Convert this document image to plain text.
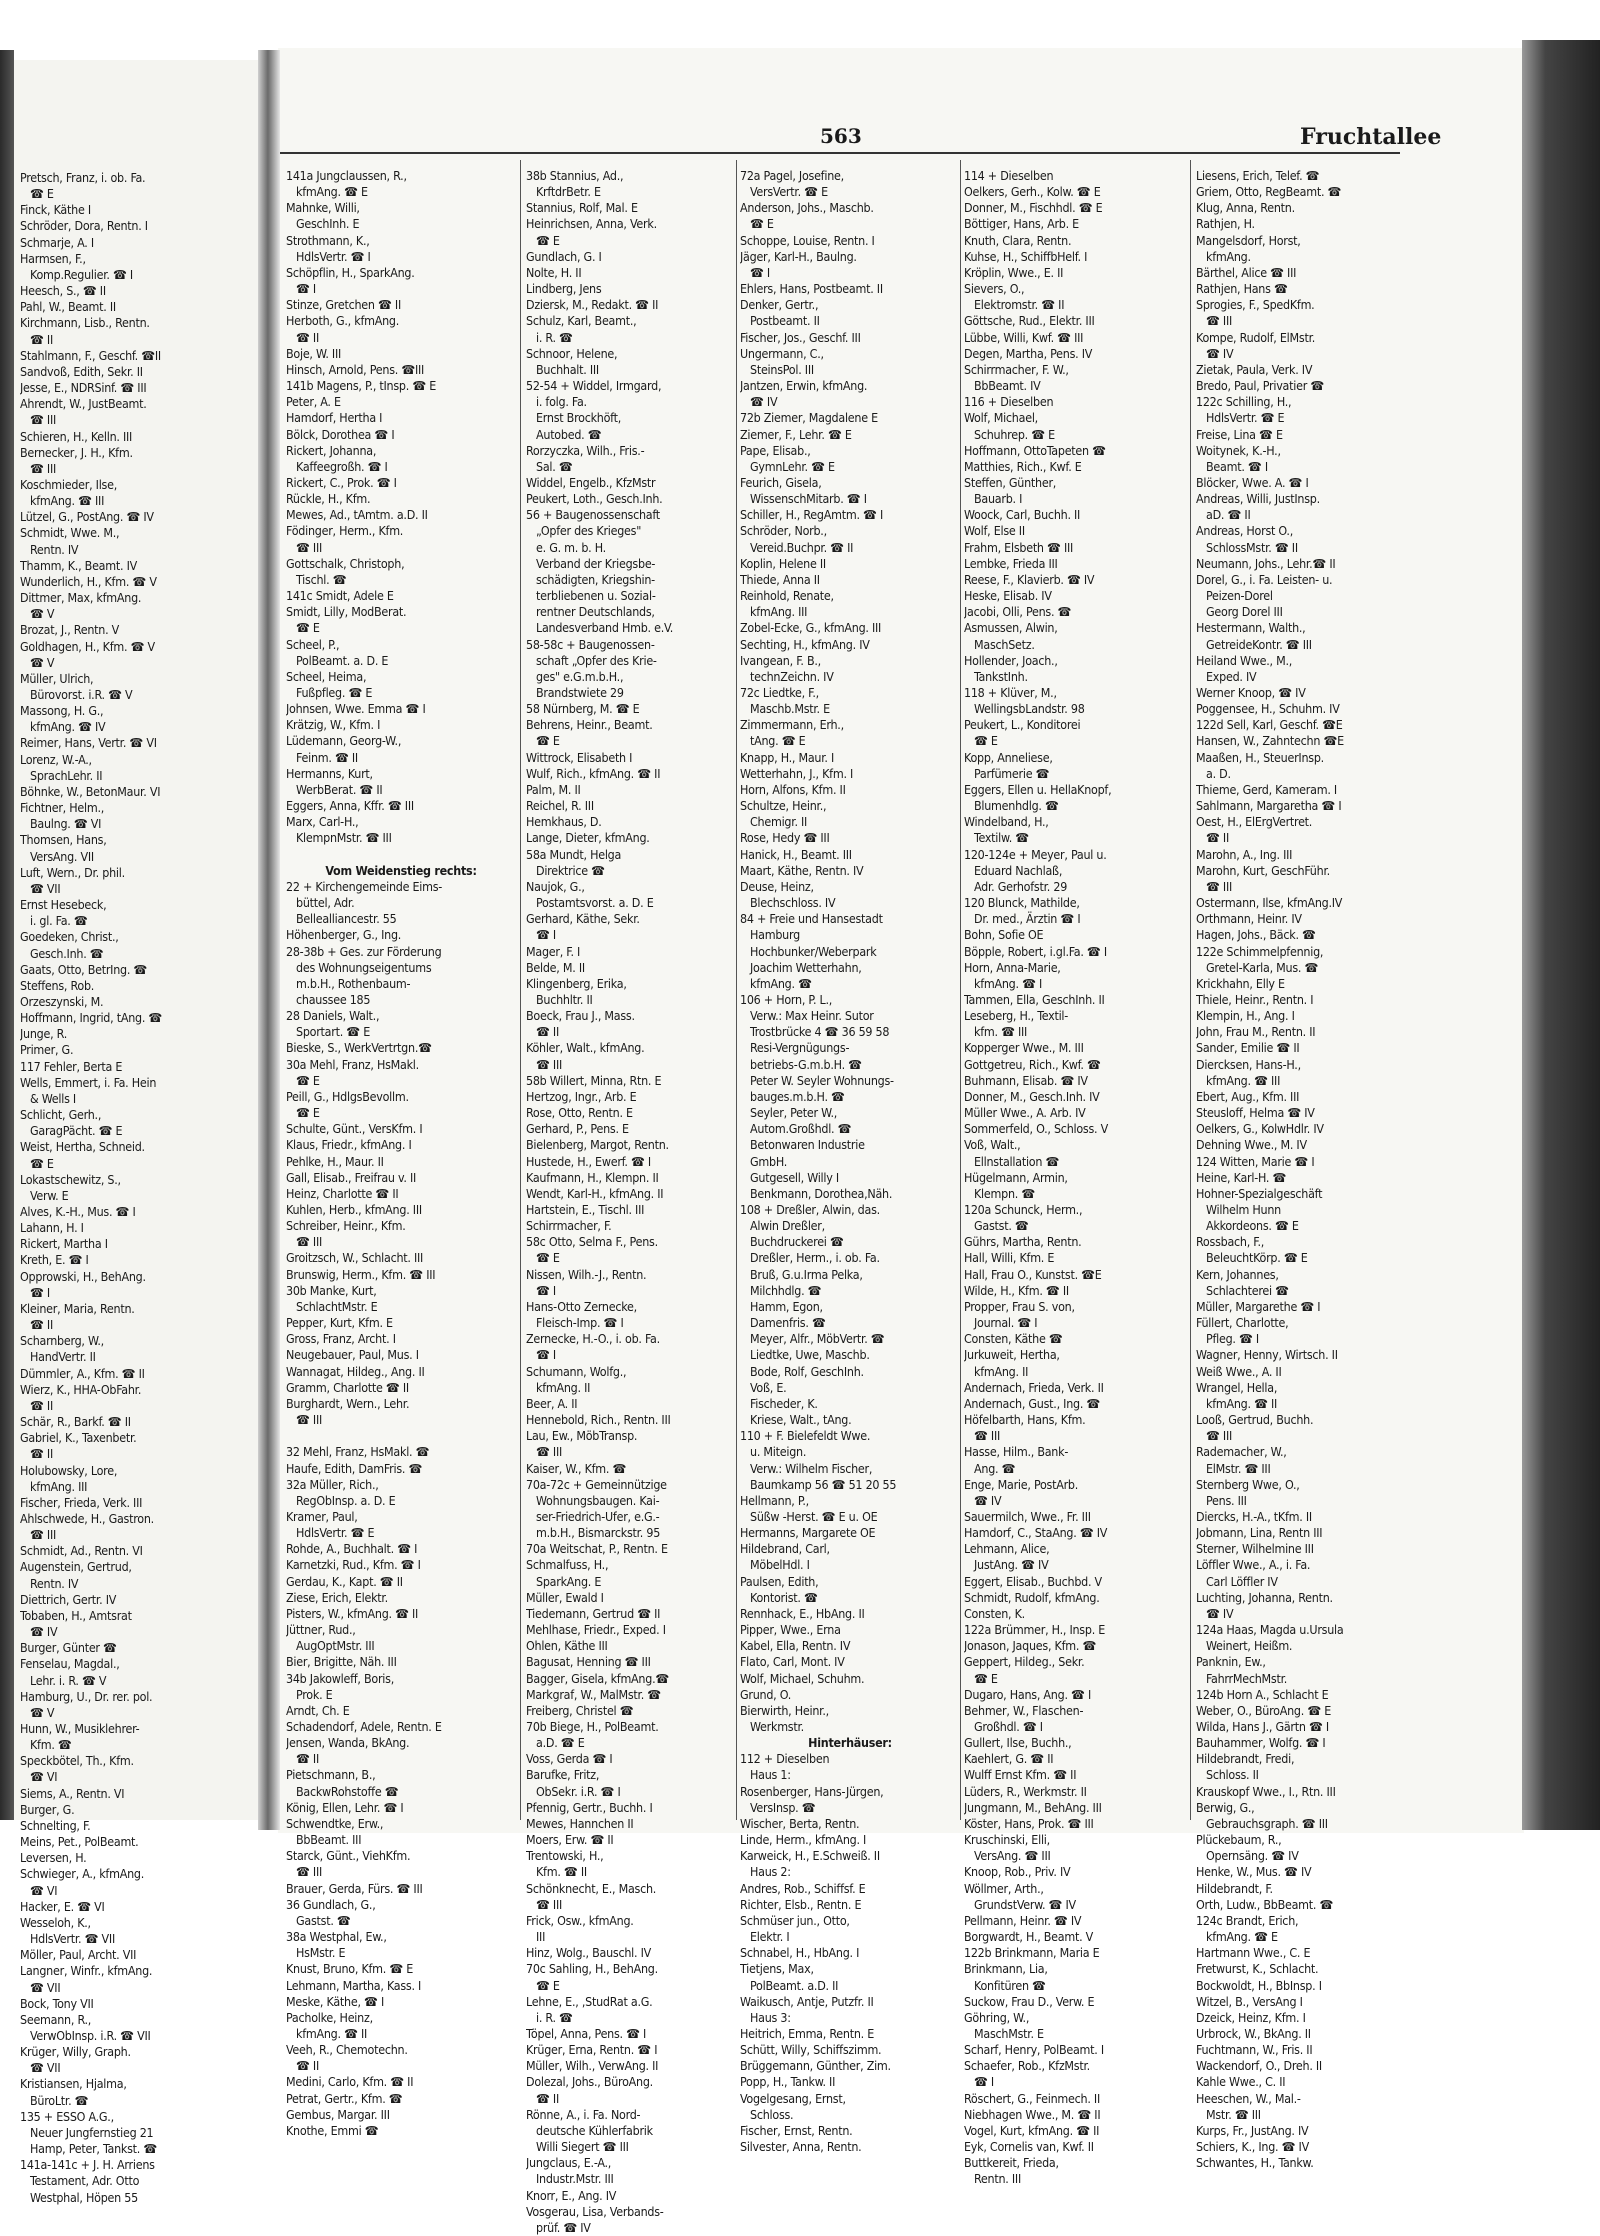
563	Fruchtallee
Pretsch, Franz, i. ob. Fa.
☎ E
Finck, Käthe I
Schröder, Dora, Rentn. I
Schmarje, A. I
Harmsen, F.,
Komp.Regulier. ☎ I
Heesch, S., ☎ II
Pahl, W., Beamt. II
Kirchmann, Lisb., Rentn.
☎ II
Stahlmann, F., Geschf. ☎II
Sandvoß, Edith, Sekr. II
Jesse, E., NDRSinf. ☎ III
Ahrendt, W., JustBeamt.
☎ III
Schieren, H., Kelln. III
Bernecker, J. H., Kfm.
☎ III
Koschmieder, Ilse,
kfmAng. ☎ III
Lützel, G., PostAng. ☎ IV
Schmidt, Wwe. M.,
Rentn. IV
Thamm, K., Beamt. IV
Wunderlich, H., Kfm. ☎ V
Dittmer, Max, kfmAng.
☎ V
Brozat, J., Rentn. V
Goldhagen, H., Kfm. ☎ V
☎ V
Müller, Ulrich,
Bürovorst. i.R. ☎ V
Massong, H. G.,
kfmAng. ☎ IV
Reimer, Hans, Vertr. ☎ VI
Lorenz, W.-A.,
SprachLehr. II
Böhnke, W., BetonMaur. VI
Fichtner, Helm.,
Baulng. ☎ VI
Thomsen, Hans,
VersAng. VII
Luft, Wern., Dr. phil.
☎ VII
Ernst Hesebeck,
i. gl. Fa. ☎
Goedeken, Christ.,
Gesch.Inh. ☎
Gaats, Otto, BetrIng. ☎
Steffens, Rob.
Orzeszynski, M.
Hoffmann, Ingrid, tAng. ☎
Junge, R.
Primer, G.
117 Fehler, Berta E
Wells, Emmert, i. Fa. Hein
& Wells I
Schlicht, Gerh.,
GaragPächt. ☎ E
Weist, Hertha, Schneid.
☎ E
Lokastschewitz, S.,
Verw. E
Alves, K.-H., Mus. ☎ I
Lahann, H. I
Rickert, Martha I
Kreth, E. ☎ I
Opprowski, H., BehAng.
☎ I
Kleiner, Maria, Rentn.
☎ II
Scharnberg, W.,
HandVertr. II
Dümmler, A., Kfm. ☎ II
Wierz, K., HHA-ObFahr.
☎ II
Schär, R., Barkf. ☎ II
Gabriel, K., Taxenbetr.
☎ II
Holubowsky, Lore,
kfmAng. III
Fischer, Frieda, Verk. III
Ahlschwede, H., Gastron.
☎ III
Schmidt, Ad., Rentn. VI
Augenstein, Gertrud,
Rentn. IV
Diettrich, Gertr. IV
Tobaben, H., Amtsrat
☎ IV
Burger, Günter ☎
Fenselau, Magdal.,
Lehr. i. R. ☎ V
Hamburg, U., Dr. rer. pol.
☎ V
Hunn, W., Musiklehrer-
Kfm. ☎
Speckbötel, Th., Kfm.
☎ VI
Siems, A., Rentn. VI
Burger, G.
Schnelting, F.
Meins, Pet., PolBeamt.
Leversen, H.
Schwieger, A., kfmAng.
☎ VI
Hacker, E. ☎ VI
Wesseloh, K.,
HdlsVertr. ☎ VII
Möller, Paul, Archt. VII
Langner, Winfr., kfmAng.
☎ VII
Bock, Tony VII
Seemann, R.,
VerwObInsp. i.R. ☎ VII
Krüger, Willy, Graph.
☎ VII
Kristiansen, Hjalma,
BüroLtr. ☎
135 + ESSO A.G.,
Neuer Jungfernstieg 21
Hamp, Peter, Tankst. ☎
141a-141c + J. H. Arriens
Testament, Adr. Otto
Westphal, Höpen 55
141a Jungclaussen, R.,
kfmAng. ☎ E
Mahnke, Willi,
GeschInh. E
Strothmann, K.,
HdlsVertr. ☎ I
Schöpflin, H., SparkAng.
☎ I
Stinze, Gretchen ☎ II
Herboth, G., kfmAng.
☎ II
Boje, W. III
Hinsch, Arnold, Pens. ☎III
141b Magens, P., tInsp. ☎ E
Peter, A. E
Hamdorf, Hertha I
Bölck, Dorothea ☎ I
Rickert, Johanna,
Kaffeegroßh. ☎ I
Rickert, C., Prok. ☎ I
Rückle, H., Kfm.
Mewes, Ad., tAmtm. a.D. II
Födinger, Herm., Kfm.
☎ III
Gottschalk, Christoph,
Tischl. ☎
141c Smidt, Adele E
Smidt, Lilly, ModBerat.
☎ E
Scheel, P.,
PolBeamt. a. D. E
Scheel, Heima,
Fußpfleg. ☎ E
Johnsen, Wwe. Emma ☎ I
Krätzig, W., Kfm. I
Lüdemann, Georg-W.,
Feinm. ☎ II
Hermanns, Kurt,
WerbBerat. ☎ II
Eggers, Anna, Kffr. ☎ III
Marx, Carl-H.,
KlempnMstr. ☎ III

Vom Weidenstieg rechts:
22 + Kirchengemeinde Eims-
büttel, Adr.
Bellealliancestr. 55
Höhenberger, G., Ing.
28-38b + Ges. zur Förderung
des Wohnungseigentums
m.b.H., Rothenbaum-
chaussee 185
28 Daniels, Walt.,
Sportart. ☎ E
Bieske, S., WerkVertrtgn.☎
30a Mehl, Franz, HsMakl.
☎ E
Peill, G., HdlgsBevollm.
☎ E
Schulte, Günt., VersKfm. I
Klaus, Friedr., kfmAng. I
Pehlke, H., Maur. II
Gall, Elisab., Freifrau v. II
Heinz, Charlotte ☎ II
Kuhlen, Herb., kfmAng. III
Schreiber, Heinr., Kfm.
☎ III
Groitzsch, W., Schlacht. III
Brunswig, Herm., Kfm. ☎ III
30b Manke, Kurt,
SchlachtMstr. E
Pepper, Kurt, Kfm. E
Gross, Franz, Archt. I
Neugebauer, Paul, Mus. I
Wannagat, Hildeg., Ang. II
Gramm, Charlotte ☎ II
Burghardt, Wern., Lehr.
☎ III

32 Mehl, Franz, HsMakl. ☎
Haufe, Edith, DamFris. ☎
32a Müller, Rich.,
RegObInsp. a. D. E
Kramer, Paul,
HdlsVertr. ☎ E
Rohde, A., Buchhalt. ☎ I
Karnetzki, Rud., Kfm. ☎ I
Gerdau, K., Kapt. ☎ II
Ziese, Erich, Elektr.
Pisters, W., kfmAng. ☎ II
Jüttner, Rud.,
AugOptMstr. III
Bier, Brigitte, Näh. III
34b Jakowleff, Boris,
Prok. E
Arndt, Ch. E
Schadendorf, Adele, Rentn. E
Jensen, Wanda, BkAng.
☎ II
Pietschmann, B.,
BackwRohstoffe ☎
König, Ellen, Lehr. ☎ I
Schwendtke, Erw.,
BbBeamt. III
Starck, Günt., ViehKfm.
☎ III
Brauer, Gerda, Fürs. ☎ III
36 Gundlach, G.,
Gastst. ☎
38a Westphal, Ew.,
HsMstr. E
Knust, Bruno, Kfm. ☎ E
Lehmann, Martha, Kass. I
Meske, Käthe, ☎ I
Pacholke, Heinz,
kfmAng. ☎ II
Veeh, R., Chemotechn.
☎ II
Medini, Carlo, Kfm. ☎ II
Petrat, Gertr., Kfm. ☎
Gembus, Margar. III
Knothe, Emmi ☎
38b Stannius, Ad.,
KrftdrBetr. E
Stannius, Rolf, Mal. E
Heinrichsen, Anna, Verk.
☎ E
Gundlach, G. I
Nolte, H. II
Lindberg, Jens
Dziersk, M., Redakt. ☎ II
Schulz, Karl, Beamt.,
i. R. ☎
Schnoor, Helene,
Buchhalt. III
52-54 + Widdel, Irmgard,
i. folg. Fa.
Ernst Brockhöft,
Autobed. ☎
Rorzyczka, Wilh., Fris.-
Sal. ☎
Widdel, Engelb., KfzMstr
Peukert, Loth., Gesch.Inh.
56 + Baugenossenschaft
„Opfer des Krieges"
e. G. m. b. H.
Verband der Kriegsbe-
schädigten, Kriegshin-
terbliebenen u. Sozial-
rentner Deutschlands,
Landesverband Hmb. e.V.
58-58c + Baugenossen-
schaft „Opfer des Krie-
ges" e.G.m.b.H.,
Brandstwiete 29
58 Nürnberg, M. ☎ E
Behrens, Heinr., Beamt.
☎ E
Wittrock, Elisabeth I
Wulf, Rich., kfmAng. ☎ II
Palm, M. II
Reichel, R. III
Hemkhaus, D.
Lange, Dieter, kfmAng.
58a Mundt, Helga
Direktrice ☎
Naujok, G.,
Postamtsvorst. a. D. E
Gerhard, Käthe, Sekr.
☎ I
Mager, F. I
Belde, M. II
Klingenberg, Erika,
Buchhltr. II
Boeck, Frau J., Mass.
☎ II
Köhler, Walt., kfmAng.
☎ III
58b Willert, Minna, Rtn. E
Hertzog, Ingr., Arb. E
Rose, Otto, Rentn. E
Gerhard, P., Pens. E
Bielenberg, Margot, Rentn.
Hustede, H., Ewerf. ☎ I
Kaufmann, H., Klempn. II
Wendt, Karl-H., kfmAng. II
Hartstein, E., Tischl. III
Schirrmacher, F.
58c Otto, Selma F., Pens.
☎ E
Nissen, Wilh.-J., Rentn.
☎ I
Hans-Otto Zernecke,
Fleisch-Imp. ☎ I
Zernecke, H.-O., i. ob. Fa.
☎ I
Schumann, Wolfg.,
kfmAng. II
Beer, A. II
Hennebold, Rich., Rentn. III
Lau, Ew., MöbTransp.
☎ III
Kaiser, W., Kfm. ☎
70a-72c + Gemeinnützige
Wohnungsbaugen. Kai-
ser-Friedrich-Ufer, e.G.-
m.b.H., Bismarckstr. 95
70a Weitschat, P., Rentn. E
Schmalfuss, H.,
SparkAng. E
Müller, Ewald I
Tiedemann, Gertrud ☎ II
Mehlhase, Friedr., Exped. I
Ohlen, Käthe III
Bagusat, Henning ☎ III
Bagger, Gisela, kfmAng.☎
Markgraf, W., MalMstr. ☎
Freiberg, Christel ☎
70b Biege, H., PolBeamt.
a.D. ☎ E
Voss, Gerda ☎ I
Barufke, Fritz,
ObSekr. i.R. ☎ I
Pfennig, Gertr., Buchh. I
Mewes, Hannchen II
Moers, Erw. ☎ II
Trentowski, H.,
Kfm. ☎ II
Schönknecht, E., Masch.
☎ III
Frick, Osw., kfmAng.
III
Hinz, Wolg., Bauschl. IV
70c Sahling, H., BehAng.
☎ E
Lehne, E., ,StudRat a.G.
i. R. ☎
Töpel, Anna, Pens. ☎ I
Krüger, Erna, Rentn. ☎ I
Müller, Wilh., VerwAng. II
Dolezal, Johs., BüroAng.
☎ II
Rönne, A., i. Fa. Nord-
deutsche Kühlerfabrik
Willi Siegert ☎ III
Jungclaus, E.-A.,
Industr.Mstr. III
Knorr, E., Ang. IV
Vosgerau, Lisa, Verbands-
prüf. ☎ IV
72a Pagel, Josefine,
VersVertr. ☎ E
Anderson, Johs., Maschb.
☎ E
Schoppe, Louise, Rentn. I
Jäger, Karl-H., Baulng.
☎ I
Ehlers, Hans, Postbeamt. II
Denker, Gertr.,
Postbeamt. II
Fischer, Jos., Geschf. III
Ungermann, C.,
SteinsPol. III
Jantzen, Erwin, kfmAng.
☎ IV
72b Ziemer, Magdalene E
Ziemer, F., Lehr. ☎ E
Pape, Elisab.,
GymnLehr. ☎ E
Feurich, Gisela,
WissenschMitarb. ☎ I
Schiller, H., RegAmtm. ☎ I
Schröder, Norb.,
Vereid.Buchpr. ☎ II
Koplin, Helene II
Thiede, Anna II
Reinhold, Renate,
kfmAng. III
Zobel-Ecke, G., kfmAng. III
Sechting, H., kfmAng. IV
Ivangean, F. B.,
technZeichn. IV
72c Liedtke, F.,
Maschb.Mstr. E
Zimmermann, Erh.,
tAng. ☎ E
Knapp, H., Maur. I
Wetterhahn, J., Kfm. I
Horn, Alfons, Kfm. II
Schultze, Heinr.,
Chemigr. II
Rose, Hedy ☎ III
Hanick, H., Beamt. III
Maart, Käthe, Rentn. IV
Deuse, Heinz,
Blechschloss. IV
84 + Freie und Hansestadt
Hamburg
Hochbunker/Weberpark
Joachim Wetterhahn,
kfmAng. ☎
106 + Horn, P. L.,
Verw.: Max Heinr. Sutor
Trostbrücke 4 ☎ 36 59 58
Resi-Vergnügungs-
betriebs-G.m.b.H. ☎
Peter W. Seyler Wohnungs-
bauges.m.b.H. ☎
Seyler, Peter W.,
Autom.Großhdl. ☎
Betonwaren Industrie
GmbH.
Gutgesell, Willy I
Benkmann, Dorothea,Näh.
108 + Dreßler, Alwin, das.
Alwin Dreßler,
Buchdruckerei ☎
Dreßler, Herm., i. ob. Fa.
Bruß, G.u.Irma Pelka,
Milchhdlg. ☎
Hamm, Egon,
Damenfris. ☎
Meyer, Alfr., MöbVertr. ☎
Liedtke, Uwe, Maschb.
Bode, Rolf, GeschInh.
Voß, E.
Fischeder, K.
Kriese, Walt., tAng.
110 + F. Bielefeldt Wwe.
u. Miteign.
Verw.: Wilhelm Fischer,
Baumkamp 56 ☎ 51 20 55
Hellmann, P.,
Süßw -Herst. ☎ E u. OE
Hermanns, Margarete OE
Hildebrand, Carl,
MöbelHdl. I
Paulsen, Edith,
Kontorist. ☎
Rennhack, E., HbAng. II
Pipper, Wwe., Erna
Kabel, Ella, Rentn. IV
Flato, Carl, Mont. IV
Wolf, Michael, Schuhm.
Grund, O.
Bierwirth, Heinr.,
Werkmstr.
Hinterhäuser:
112 + Dieselben
Haus 1:
Rosenberger, Hans-Jürgen,
VersInsp. ☎
Wischer, Berta, Rentn.
Linde, Herm., kfmAng. I
Karweick, H., E.Schweiß. II
Haus 2:
Andres, Rob., Schiffsf. E
Richter, Elsb., Rentn. E
Schmüser jun., Otto,
Elektr. I
Schnabel, H., HbAng. I
Tietjens, Max,
PolBeamt. a.D. II
Waikusch, Antje, Putzfr. II
Haus 3:
Heitrich, Emma, Rentn. E
Schütt, Willy, Schiffszimm.
Brüggemann, Günther, Zim.
Popp, H., Tankw. II
Vogelgesang, Ernst,
Schloss.
Fischer, Ernst, Rentn.
Silvester, Anna, Rentn.
114 + Dieselben
Oelkers, Gerh., Kolw. ☎ E
Donner, M., Fischhdl. ☎ E
Böttiger, Hans, Arb. E
Knuth, Clara, Rentn.
Kuhse, H., SchiffbHelf. I
Kröplin, Wwe., E. II
Sievers, O.,
Elektromstr. ☎ II
Göttsche, Rud., Elektr. III
Lübbe, Willi, Kwf. ☎ III
Degen, Martha, Pens. IV
Schirrmacher, F. W.,
BbBeamt. IV
116 + Dieselben
Wolf, Michael,
Schuhrep. ☎ E
Hoffmann, OttoTapeten ☎
Matthies, Rich., Kwf. E
Steffen, Günther,
Bauarb. I
Woock, Carl, Buchh. II
Wolf, Else II
Frahm, Elsbeth ☎ III
Lembke, Frieda III
Reese, F., Klavierb. ☎ IV
Heske, Elisab. IV
Jacobi, Olli, Pens. ☎
Asmussen, Alwin,
MaschSetz.
Hollender, Joach.,
TankstInh.
118 + Klüver, M.,
WellingsbLandstr. 98
Peukert, L., Konditorei
☎ E
Kopp, Anneliese,
Parfümerie ☎
Eggers, Ellen u. HellaKnopf,
Blumenhdlg. ☎
Windelband, H.,
Textilw. ☎
120-124e + Meyer, Paul u.
Eduard Nachlaß,
Adr. Gerhofstr. 29
120 Blunck, Mathilde,
Dr. med., Ärztin ☎ I
Bohn, Sofie OE
Böpple, Robert, i.gl.Fa. ☎ I
Horn, Anna-Marie,
kfmAng. ☎ I
Tammen, Ella, GeschInh. II
Leseberg, H., Textil-
kfm. ☎ III
Kopperger Wwe., M. III
Gottgetreu, Rich., Kwf. ☎
Buhmann, Elisab. ☎ IV
Donner, M., Gesch.Inh. IV
Müller Wwe., A. Arb. IV
Sommerfeld, O., Schloss. V
Voß, Walt.,
Ellnstallation ☎
Hügelmann, Armin,
Klempn. ☎
120a Schunck, Herm.,
Gastst. ☎
Gührs, Martha, Rentn.
Hall, Willi, Kfm. E
Hall, Frau O., Kunstst. ☎E
Wilde, H., Kfm. ☎ II
Propper, Frau S. von,
Journal. ☎ I
Consten, Käthe ☎
Jurkuweit, Hertha,
kfmAng. II
Andernach, Frieda, Verk. II
Andernach, Gust., Ing. ☎
Höfelbarth, Hans, Kfm.
☎ III
Hasse, Hilm., Bank-
Ang. ☎
Enge, Marie, PostArb.
☎ IV
Sauermilch, Wwe., Fr. III
Hamdorf, C., StaAng. ☎ IV
Lehmann, Alice,
JustAng. ☎ IV
Eggert, Elisab., Buchbd. V
Schmidt, Rudolf, kfmAng.
Consten, K.
122a Brümmer, H., Insp. E
Jonason, Jaques, Kfm. ☎
Geppert, Hildeg., Sekr.
☎ E
Dugaro, Hans, Ang. ☎ I
Behmer, W., Flaschen-
Großhdl. ☎ I
Gullert, Ilse, Buchh.,
Kaehlert, G. ☎ II
Wulff Ernst Kfm. ☎ II
Lüders, R., Werkmstr. II
Jungmann, M., BehAng. III
Köster, Hans, Prok. ☎ III
Kruschinski, Elli,
VersAng. ☎ III
Knoop, Rob., Priv. IV
Wöllmer, Arth.,
GrundstVerw. ☎ IV
Pellmann, Heinr. ☎ IV
Borgwardt, H., Beamt. V
122b Brinkmann, Maria E
Brinkmann, Lia,
Konfitüren ☎
Suckow, Frau D., Verw. E
Göhring, W.,
MaschMstr. E
Scharf, Henry, PolBeamt. I
Schaefer, Rob., KfzMstr.
☎ I
Röschert, G., Feinmech. II
Niebhagen Wwe., M. ☎ II
Vogel, Kurt, kfmAng. ☎ II
Eyk, Cornelis van, Kwf. II
Buttkereit, Frieda,
Rentn. III
Liesens, Erich, Telef. ☎
Griem, Otto, RegBeamt. ☎
Klug, Anna, Rentn.
Rathjen, H.
Mangelsdorf, Horst,
kfmAng.
Bärthel, Alice ☎ III
Rathjen, Hans ☎
Sprogies, F., SpedKfm.
☎ III
Kompe, Rudolf, ElMstr.
☎ IV
Zietak, Paula, Verk. IV
Bredo, Paul, Privatier ☎
122c Schilling, H.,
HdlsVertr. ☎ E
Freise, Lina ☎ E
Woitynek, K.-H.,
Beamt. ☎ I
Blöcker, Wwe. A. ☎ I
Andreas, Willi, JustInsp.
aD. ☎ II
Andreas, Horst O.,
SchlossMstr. ☎ II
Neumann, Johs., Lehr.☎ II
Dorel, G., i. Fa. Leisten- u.
Peizen-Dorel
Georg Dorel III
Hestermann, Walth.,
GetreideKontr. ☎ III
Heiland Wwe., M.,
Exped. IV
Werner Knoop, ☎ IV
Poggensee, H., Schuhm. IV
122d Sell, Karl, Geschf. ☎E
Hansen, W., Zahntechn ☎E
Maaßen, H., SteuerInsp.
a. D.
Thieme, Gerd, Kameram. I
Sahlmann, Margaretha ☎ I
Oest, H., ElErgVertret.
☎ II
Marohn, A., Ing. III
Marohn, Kurt, GeschFühr.
☎ III
Ostermann, Ilse, kfmAng.IV
Orthmann, Heinr. IV
Hagen, Johs., Bäck. ☎
122e Schimmelpfennig,
Gretel-Karla, Mus. ☎
Krickhahn, Elly E
Thiele, Heinr., Rentn. I
Klempin, H., Ang. I
John, Frau M., Rentn. II
Sander, Emilie ☎ II
Diercksen, Hans-H.,
kfmAng. ☎ III
Ebert, Aug., Kfm. III
Steusloff, Helma ☎ IV
Oelkers, G., KolwHdlr. IV
Dehning Wwe., M. IV
124 Witten, Marie ☎ I
Heine, Karl-H. ☎
Hohner-Spezialgeschäft
Wilhelm Hunn
Akkordeons. ☎ E
Rossbach, F.,
BeleuchtKörp. ☎ E
Kern, Johannes,
Schlachterei ☎
Müller, Margarethe ☎ I
Füllert, Charlotte,
Pfleg. ☎ I
Wagner, Henny, Wirtsch. II
Weiß Wwe., A. II
Wrangel, Hella,
kfmAng. ☎ II
Looß, Gertrud, Buchh.
☎ III
Rademacher, W.,
ElMstr. ☎ III
Sternberg Wwe, O.,
Pens. III
Diercks, H.-A., tKfm. II
Jobmann, Lina, Rentn III
Sterner, Wilhelmine III
Löffler Wwe., A., i. Fa.
Carl Löffler IV
Luchting, Johanna, Rentn.
☎ IV
124a Haas, Magda u.Ursula
Weinert, Heißm.
Panknin, Ew.,
FahrrMechMstr.
124b Horn A., Schlacht E
Weber, O., BüroAng. ☎ E
Wilda, Hans J., Gärtn ☎ I
Bauhammer, Wolfg. ☎ I
Hildebrandt, Fredi,
Schloss. II
Krauskopf Wwe., I., Rtn. III
Berwig, G.,
Gebrauchsgraph. ☎ III
Plückebaum, R.,
Opernsäng. ☎ IV
Henke, W., Mus. ☎ IV
Hildebrandt, F.
Orth, Ludw., BbBeamt. ☎
124c Brandt, Erich,
kfmAng. ☎ E
Hartmann Wwe., C. E
Fretwurst, K., Schlacht.
Bockwoldt, H., BbInsp. I
Witzel, B., VersAng I
Dzeick, Heinz, Kfm. I
Urbrock, W., BkAng. II
Fuchtmann, W., Fris. II
Wackendorf, O., Dreh. II
Kahle Wwe., C. II
Heeschen, W., Mal.-
Mstr. ☎ III
Kurps, Fr., JustAng. IV
Schiers, K., Ing. ☎ IV
Schwantes, H., Tankw.
